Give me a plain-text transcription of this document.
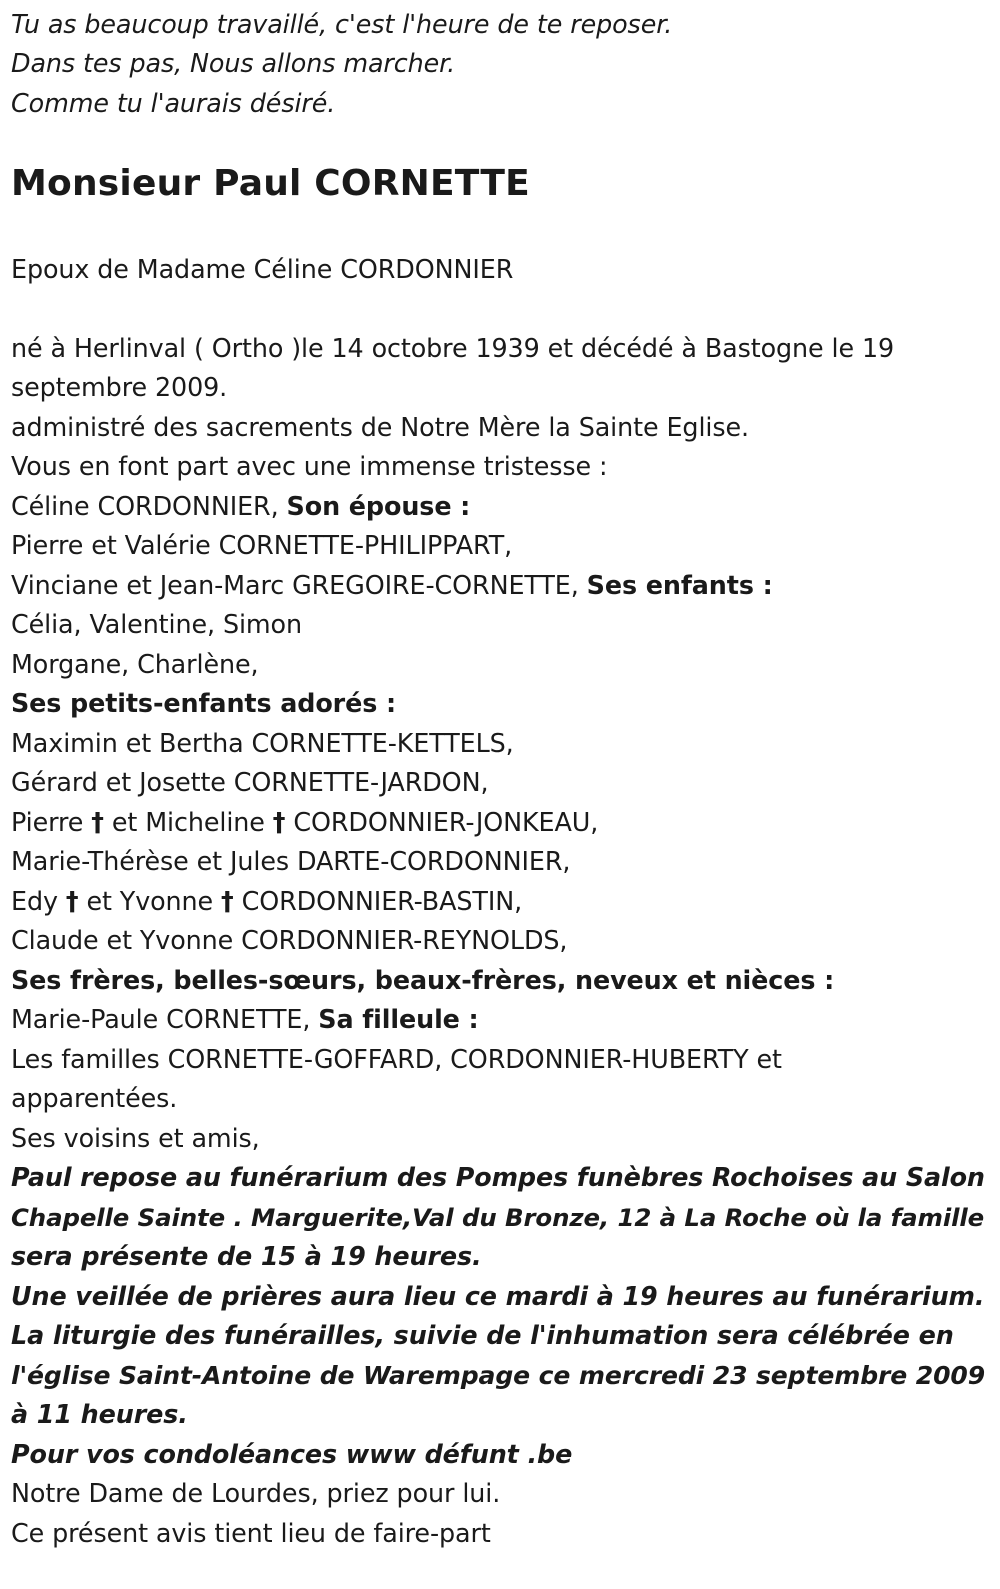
Tu as beaucoup travaillé, c'est l'heure de te reposer.
Dans tes pas, Nous allons marcher.
Comme tu l'aurais désiré.
Monsieur Paul CORNETTE
Epoux de Madame Céline CORDONNIER
né à Herlinval ( Ortho )le 14 octobre 1939 et décédé à Bastogne le 19
septembre 2009.
administré des sacrements de Notre Mère la Sainte Eglise.
Vous en font part avec une immense tristesse :
Céline CORDONNIER, Son épouse :
Pierre et Valérie CORNETTE-PHILIPPART,
Vinciane et Jean-Marc GREGOIRE-CORNETTE, Ses enfants :
Célia, Valentine, Simon
Morgane, Charlène,
Ses petits-enfants adorés :
Maximin et Bertha CORNETTE-KETTELS,
Gérard et Josette CORNETTE-JARDON,
Pierre † et Micheline † CORDONNIER-JONKEAU,
Marie-Thérèse et Jules DARTE-CORDONNIER,
Edy † et Yvonne † CORDONNIER-BASTIN,
Claude et Yvonne CORDONNIER-REYNOLDS,
Ses frères, belles-sœurs, beaux-frères, neveux et nièces :
Marie-Paule CORNETTE, Sa filleule :
Les familles CORNETTE-GOFFARD, CORDONNIER-HUBERTY et
apparentées.
Ses voisins et amis,
Paul repose au funérarium des Pompes funèbres Rochoises au Salon
Chapelle Sainte . Marguerite,Val du Bronze, 12 à La Roche où la famille
sera présente de 15 à 19 heures.
Une veillée de prières aura lieu ce mardi à 19 heures au funérarium.
La liturgie des funérailles, suivie de l'inhumation sera célébrée en
l'église Saint-Antoine de Warempage ce mercredi 23 septembre 2009
à 11 heures.
Pour vos condoléances www défunt .be
Notre Dame de Lourdes, priez pour lui.
Ce présent avis tient lieu de faire-part
